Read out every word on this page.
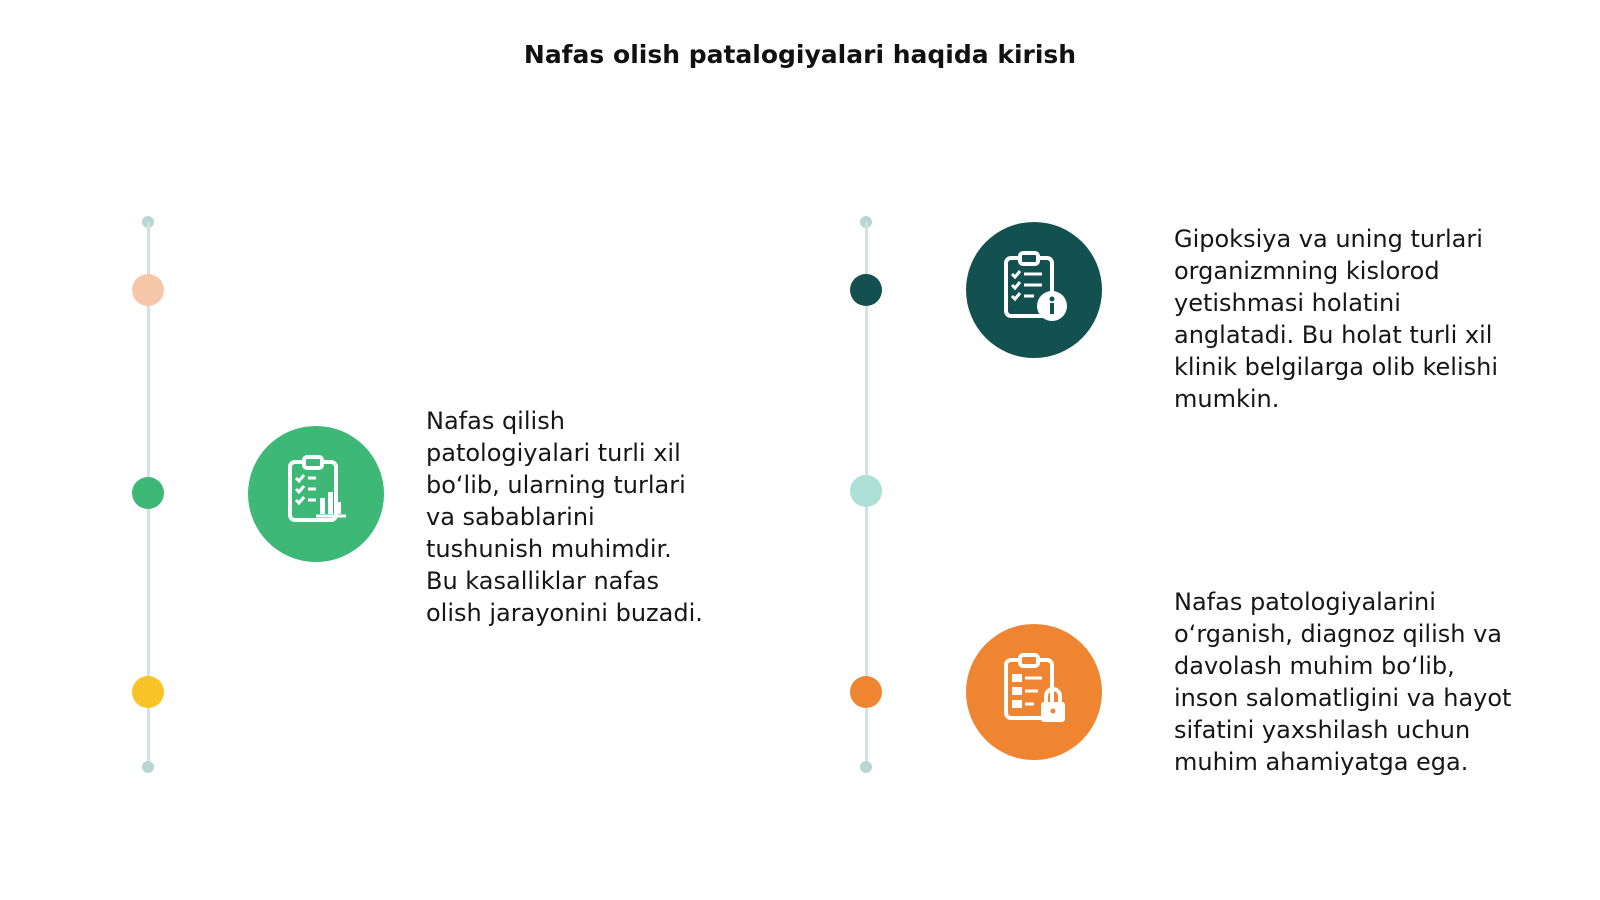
Nafas olish patalogiyalari haqida kirish
Nafas qilish
patologiyalari turli xil
bo‘lib, ularning turlari
va sabablarini
tushunish muhimdir.
Bu kasalliklar nafas
olish jarayonini buzadi.
Gipoksiya va uning turlari
organizmning kislorod
yetishmasi holatini
anglatadi. Bu holat turli xil
klinik belgilarga olib kelishi
mumkin.
Nafas patologiyalarini
o‘rganish, diagnoz qilish va
davolash muhim bo‘lib,
inson salomatligini va hayot
sifatini yaxshilash uchun
muhim ahamiyatga ega.
